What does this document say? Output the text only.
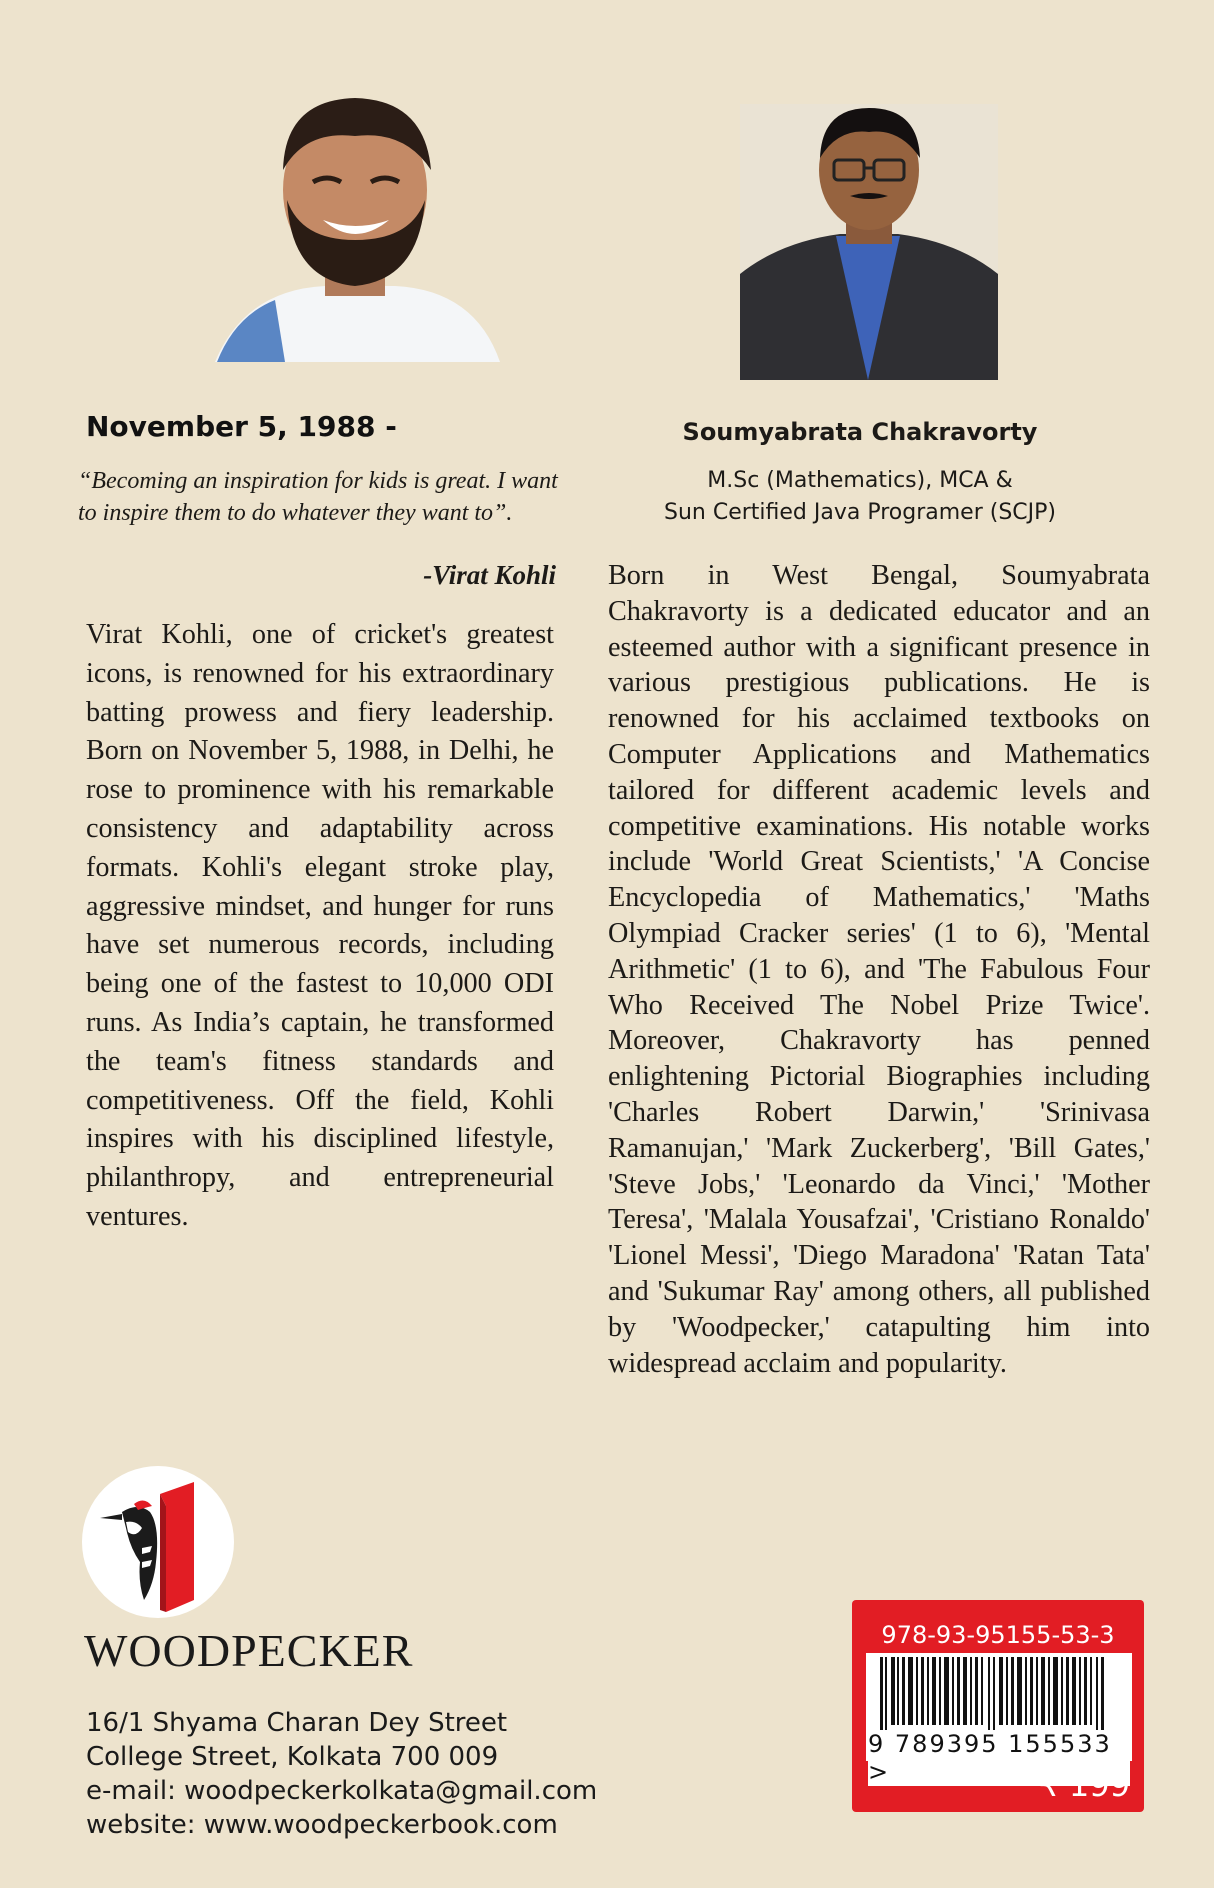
November 5, 1988 -
“Becoming an inspiration for kids is great. I want to inspire them to do whatever they want to”.
-Virat Kohli
Virat Kohli, one of cricket's greatest icons, is renowned for his extraordinary batting prowess and fiery leadership. Born on November 5, 1988, in Delhi, he rose to prominence with his remarkable consistency and adaptability across formats. Kohli's elegant stroke play, aggressive mindset, and hunger for runs have set numerous records, including being one of the fastest to 10,000 ODI runs. As India’s captain, he transformed the team's fitness standards and competitiveness. Off the field, Kohli inspires with his disciplined lifestyle, philanthropy, and entrepreneurial ventures.
Soumyabrata Chakravorty
M.Sc (Mathematics), MCA &
Sun Certified Java Programer (SCJP)
Born in West Bengal, Soumyabrata Chakravorty is a dedicated educator and an esteemed author with a significant presence in various prestigious publications. He is renowned for his acclaimed textbooks on Computer Applications and Mathematics tailored for different academic levels and competitive examinations. His notable works include 'World Great Scientists,' 'A Concise Encyclopedia of Mathematics,' 'Maths Olympiad Cracker series' (1 to 6), 'Mental Arithmetic' (1 to 6), and 'The Fabulous Four Who Received The Nobel Prize Twice'. Moreover, Chakravorty has penned enlightening Pictorial Biographies including 'Charles Robert Darwin,' 'Srinivasa Ramanujan,' 'Mark Zuckerberg', 'Bill Gates,' 'Steve Jobs,' 'Leonardo da Vinci,' 'Mother Teresa', 'Malala Yousafzai', 'Cristiano Ronaldo' 'Lionel Messi', 'Diego Maradona' 'Ratan Tata' and 'Sukumar Ray' among others, all published by 'Woodpecker,' catapulting him into widespread acclaim and popularity.
WOODPECKER
16/1 Shyama Charan Dey Street
College Street, Kolkata 700 009
e-mail: woodpeckerkolkata@gmail.com
website: www.woodpeckerbook.com
978-93-95155-53-3
9 789395 155533 >	₹ 199
